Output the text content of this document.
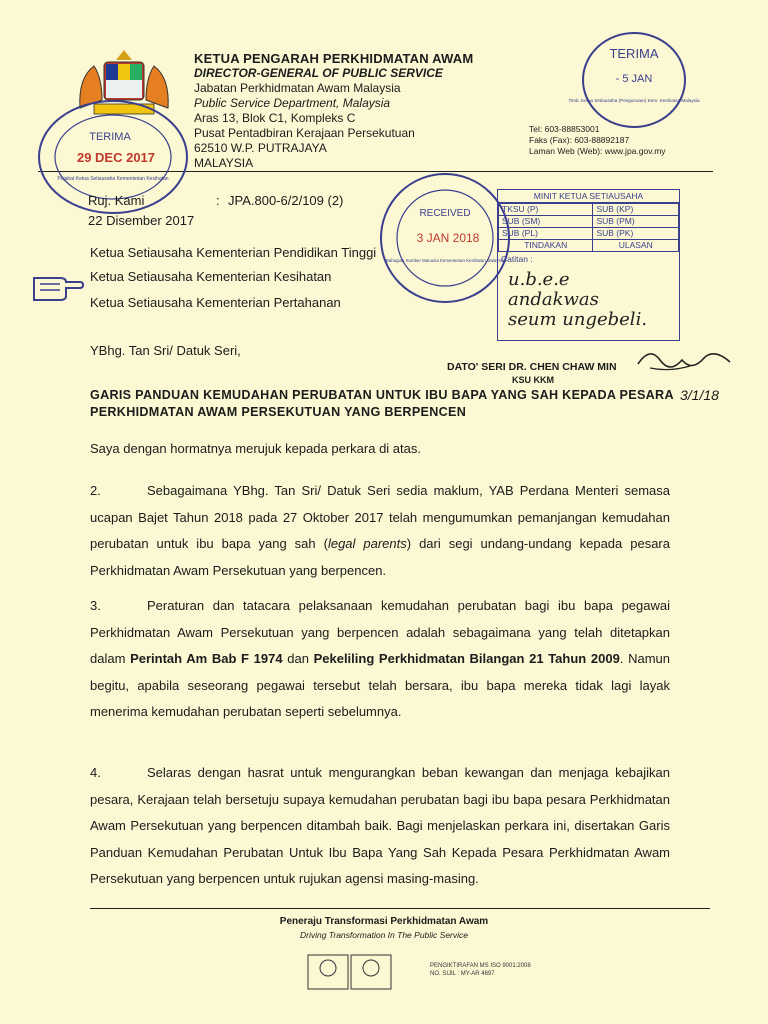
KETUA PENGARAH PERKHIDMATAN AWAM
DIRECTOR-GENERAL OF PUBLIC SERVICE
Jabatan Perkhidmatan Awam Malaysia
Public Service Department, Malaysia
Aras 13, Blok C1, Kompleks C
Pusat Pentadbiran Kerajaan Persekutuan
62510 W.P. PUTRAJAYA
MALAYSIA
Tel: 603-88853001
Faks (Fax): 603-88892187
Laman Web (Web): www.jpa.gov.my
TERIMA
- 5 JAN
Timb. Ketua Setiausaha (Pengurusan) Kem. Kesihatan Malaysia
TERIMA
29 DEC 2017
Pejabat Ketua Setiausaha Kementerian Kesihatan
RECEIVED
3 JAN 2018
Bahagian Sumber Manusia Kementerian Kesihatan Malaysia
MINIT KETUA SETIAUSAHA
TKSU (P)	SUB (KP)
SUB (SM)	SUB (PM)
SUB (PL)	SUB (PK)
TINDAKAN	ULASAN
Catitan :
u.b.e.e
andakwas
seum ungebeli.
Ruj. Kami	: JPA.800-6/2/109 (2)
22 Disember 2017
Ketua Setiausaha Kementerian Pendidikan Tinggi
Ketua Setiausaha Kementerian Kesihatan
Ketua Setiausaha Kementerian Pertahanan
YBhg. Tan Sri/ Datuk Seri,
DATO' SERI DR. CHEN CHAW MIN
KSU KKM
3/1/18
GARIS PANDUAN KEMUDAHAN PERUBATAN UNTUK IBU BAPA YANG SAH KEPADA PESARA PERKHIDMATAN AWAM PERSEKUTUAN YANG BERPENCEN
Saya dengan hormatnya merujuk kepada perkara di atas.
2.	Sebagaimana YBhg. Tan Sri/ Datuk Seri sedia maklum, YAB Perdana Menteri semasa ucapan Bajet Tahun 2018 pada 27 Oktober 2017 telah mengumumkan pemanjangan kemudahan perubatan untuk ibu bapa yang sah (legal parents) dari segi undang-undang kepada pesara Perkhidmatan Awam Persekutuan yang berpencen.
3.	Peraturan dan tatacara pelaksanaan kemudahan perubatan bagi ibu bapa pegawai Perkhidmatan Awam Persekutuan yang berpencen adalah sebagaimana yang telah ditetapkan dalam Perintah Am Bab F 1974 dan Pekeliling Perkhidmatan Bilangan 21 Tahun 2009. Namun begitu, apabila seseorang pegawai tersebut telah bersara, ibu bapa mereka tidak lagi layak menerima kemudahan perubatan seperti sebelumnya.
4.	Selaras dengan hasrat untuk mengurangkan beban kewangan dan menjaga kebajikan pesara, Kerajaan telah bersetuju supaya kemudahan perubatan bagi ibu bapa pesara Perkhidmatan Awam Persekutuan yang berpencen ditambah baik. Bagi menjelaskan perkara ini, disertakan Garis Panduan Kemudahan Perubatan Untuk Ibu Bapa Yang Sah Kepada Pesara Perkhidmatan Awam Persekutuan yang berpencen untuk rujukan agensi masing-masing.
Peneraju Transformasi Perkhidmatan Awam
Driving Transformation In The Public Service
PENGIKTIRAFAN MS ISO 9001:2008
NO. SIJIL : MY-AR 4697
